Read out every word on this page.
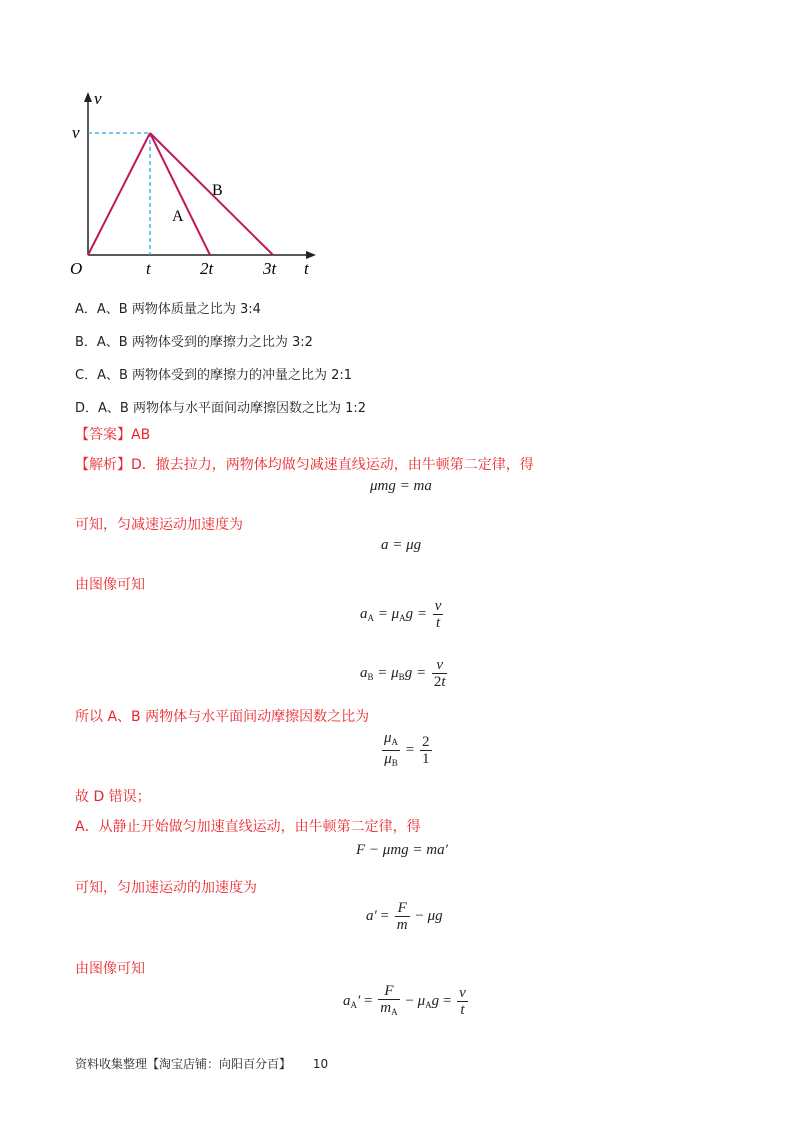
v
v
O	t	2t	3t t
A
B
A．A、B 两物体质量之比为 3:4
B．A、B 两物体受到的摩擦力之比为 3:2
C．A、B 两物体受到的摩擦力的冲量之比为 2:1
D．A、B 两物体与水平面间动摩擦因数之比为 1:2
【答案】AB
【解析】D．撤去拉力，两物体均做匀减速直线运动，由牛顿第二定律，得
μmg = ma
可知，匀减速运动加速度为
a = μg
由图像可知
$a_A = \mu_Ag = \frac{v}{t}$
$a_B = \mu_Bg = \frac{v}{2t}$
所以 A、B 两物体与水平面间动摩擦因数之比为
$\frac{\mu_A}{\mu_B} = \frac{2}{1}$
故 D 错误；
A．从静止开始做匀加速直线运动，由牛顿第二定律，得
F − μmg = ma′
可知，匀加速运动的加速度为
$a' = \frac{F}{m} - \mu g$
由图像可知
$a_A' = \frac{F}{m_A} - \mu_Ag = \frac{v}{t}$
资料收集整理【淘宝店铺：向阳百分百】 10
